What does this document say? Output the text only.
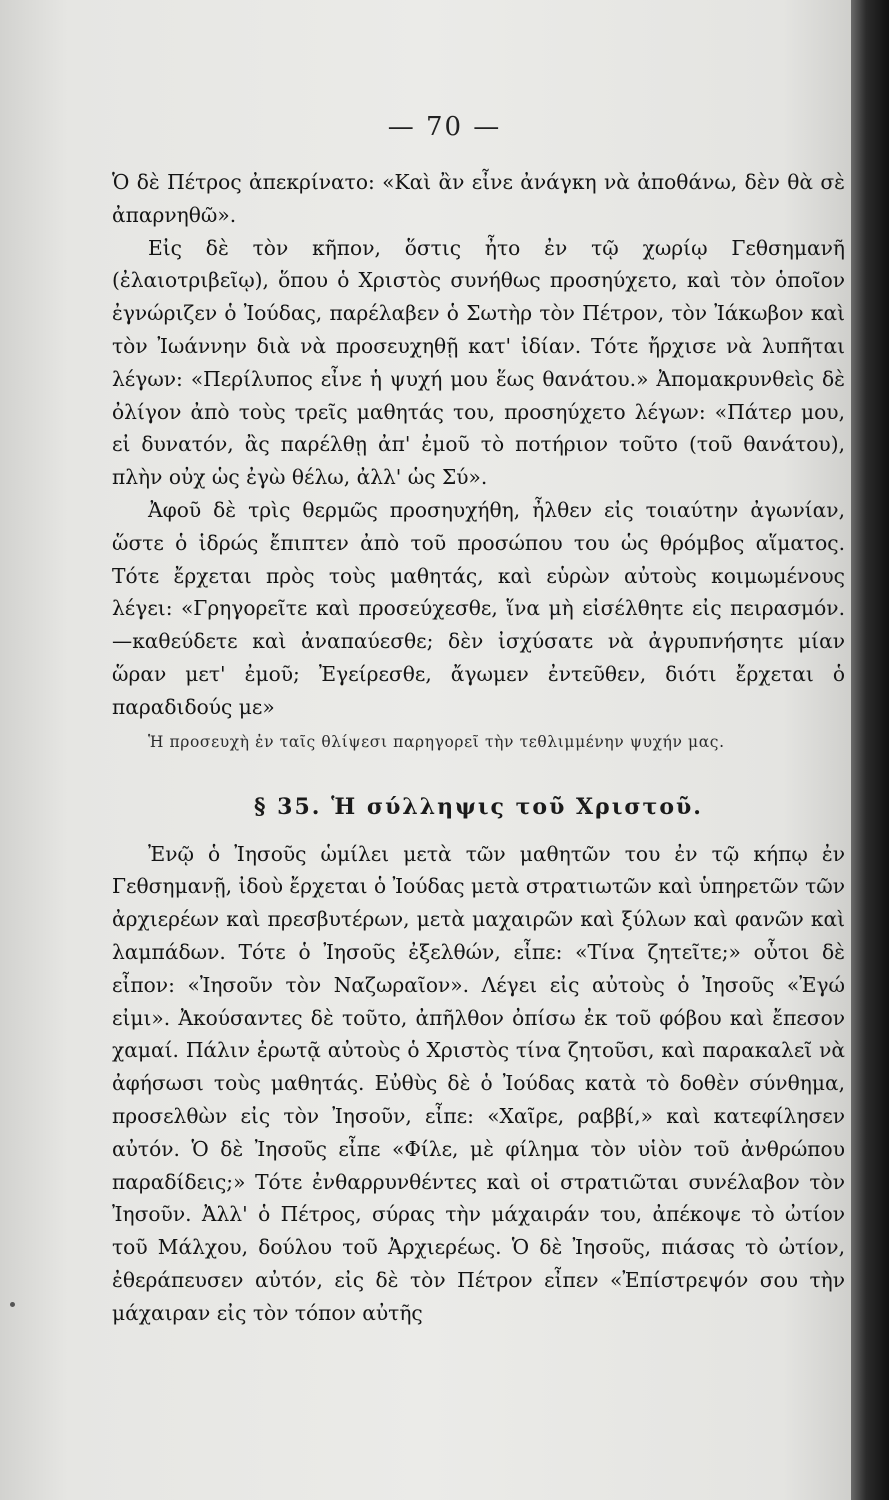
— 70 —

Ὁ δὲ Πέτρος ἀπεκρίνατο: «Καὶ ἂν εἶνε ἀνάγκη νὰ ἀποθάνω, δὲν θὰ σὲ ἀπαρνηθῶ».

Εἰς δὲ τὸν κῆπον, ὅστις ἦτο ἐν τῷ χωρίῳ Γεθσημανῆ (ἐλαιοτριβεῖῳ), ὅπου ὁ Χριστὸς συνήθως προσηύχετο, καὶ τὸν ὁποῖον ἐγνώριζεν ὁ Ἰούδας, παρέλαβεν ὁ Σωτὴρ τὸν Πέτρον, τὸν Ἰάκωβον καὶ τὸν Ἰωάννην διὰ νὰ προσευχηθῇ κατ' ἰδίαν. Τότε ἤρχισε νὰ λυπῆται λέγων: «Περίλυπος εἶνε ἡ ψυχή μου ἕως θανάτου.» Ἀπομακρυνθεὶς δὲ ὀλίγον ἀπὸ τοὺς τρεῖς μαθητάς του, προσηύχετο λέγων: «Πάτερ μου, εἰ δυνατόν, ἂς παρέλθῃ ἀπ' ἐμοῦ τὸ ποτήριον τοῦτο (τοῦ θανάτου), πλὴν οὐχ ὡς ἐγὼ θέλω, ἀλλ' ὡς Σύ».

Ἀφοῦ δὲ τρὶς θερμῶς προσηυχήθη, ἦλθεν εἰς τοιαύτην ἀγωνίαν, ὥστε ὁ ἱδρώς ἔπιπτεν ἀπὸ τοῦ προσώπου του ὡς θρόμβος αἵματος. Τότε ἔρχεται πρὸς τοὺς μαθητάς, καὶ εὑρὼν αὐτοὺς κοιμωμένους λέγει: «Γρηγορεῖτε καὶ προσεύχεσθε, ἵνα μὴ εἰσέλθητε εἰς πειρασμόν. —καθεύδετε καὶ ἀναπαύεσθε; δὲν ἰσχύσατε νὰ ἀγρυπνήσητε μίαν ὥραν μετ' ἐμοῦ; Ἐγείρεσθε, ἄγωμεν ἐντεῦθεν, διότι ἔρχεται ὁ παραδιδούς με»

Ἡ προσευχὴ ἐν ταῖς θλίψεσι παρηγορεῖ τὴν τεθλιμμένην ψυχήν μας.

§ 35. Ἡ σύλληψις τοῦ Χριστοῦ.

Ἐνῷ ὁ Ἰησοῦς ὡμίλει μετὰ τῶν μαθητῶν του ἐν τῷ κήπῳ ἐν Γεθσημανῇ, ἰδοὺ ἔρχεται ὁ Ἰούδας μετὰ στρατιωτῶν καὶ ὑπηρετῶν τῶν ἀρχιερέων καὶ πρεσβυτέρων, μετὰ μαχαιρῶν καὶ ξύλων καὶ φανῶν καὶ λαμπάδων. Τότε ὁ Ἰησοῦς ἐξελθών, εἶπε: «Τίνα ζητεῖτε;» οὗτοι δὲ εἶπον: «Ἰησοῦν τὸν Ναζωραῖον». Λέγει εἰς αὐτοὺς ὁ Ἰησοῦς «Ἐγώ εἰμι». Ἀκούσαντες δὲ τοῦτο, ἀπῆλθον ὀπίσω ἐκ τοῦ φόβου καὶ ἔπεσον χαμαί. Πάλιν ἐρωτᾷ αὐτοὺς ὁ Χριστὸς τίνα ζητοῦσι, καὶ παρακαλεῖ νὰ ἀφήσωσι τοὺς μαθητάς. Εὐθὺς δὲ ὁ Ἰούδας κατὰ τὸ δοθὲν σύνθημα, προσελθὼν εἰς τὸν Ἰησοῦν, εἶπε: «Χαῖρε, ραββί,» καὶ κατεφίλησεν αὐτόν. Ὁ δὲ Ἰησοῦς εἶπε «Φίλε, μὲ φίλημα τὸν υἱὸν τοῦ ἀνθρώπου παραδίδεις;» Τότε ἐνθαρρυνθέντες καὶ οἱ στρατιῶται συνέλαβον τὸν Ἰησοῦν. Ἀλλ' ὁ Πέτρος, σύρας τὴν μάχαιράν του, ἀπέκοψε τὸ ὠτίον τοῦ Μάλχου, δούλου τοῦ Ἀρχιερέως. Ὁ δὲ Ἰησοῦς, πιάσας τὸ ὠτίον, ἐθεράπευσεν αὐτόν, εἰς δὲ τὸν Πέτρον εἶπεν «Ἐπίστρεψόν σου τὴν μάχαιραν εἰς τὸν τόπον αὐτῆς
